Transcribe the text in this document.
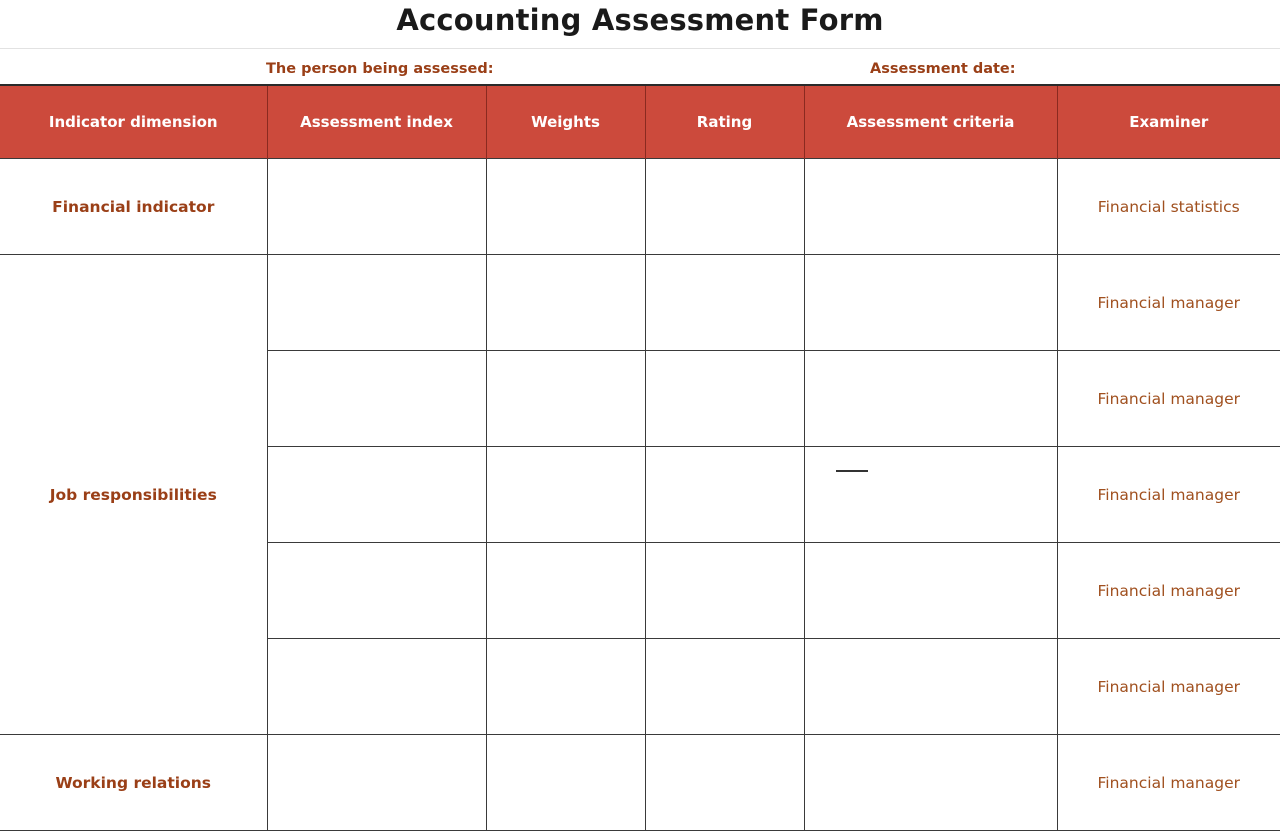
Accounting Assessment Form
The person being assessed:	Assessment date:
Indicator dimension	Assessment index	Weights	Rating	Assessment criteria	Examiner
Financial indicator					Financial statistics
Job responsibilities					Financial manager
					Financial manager
					Financial manager
					Financial manager
					Financial manager
Working relations					Financial manager
